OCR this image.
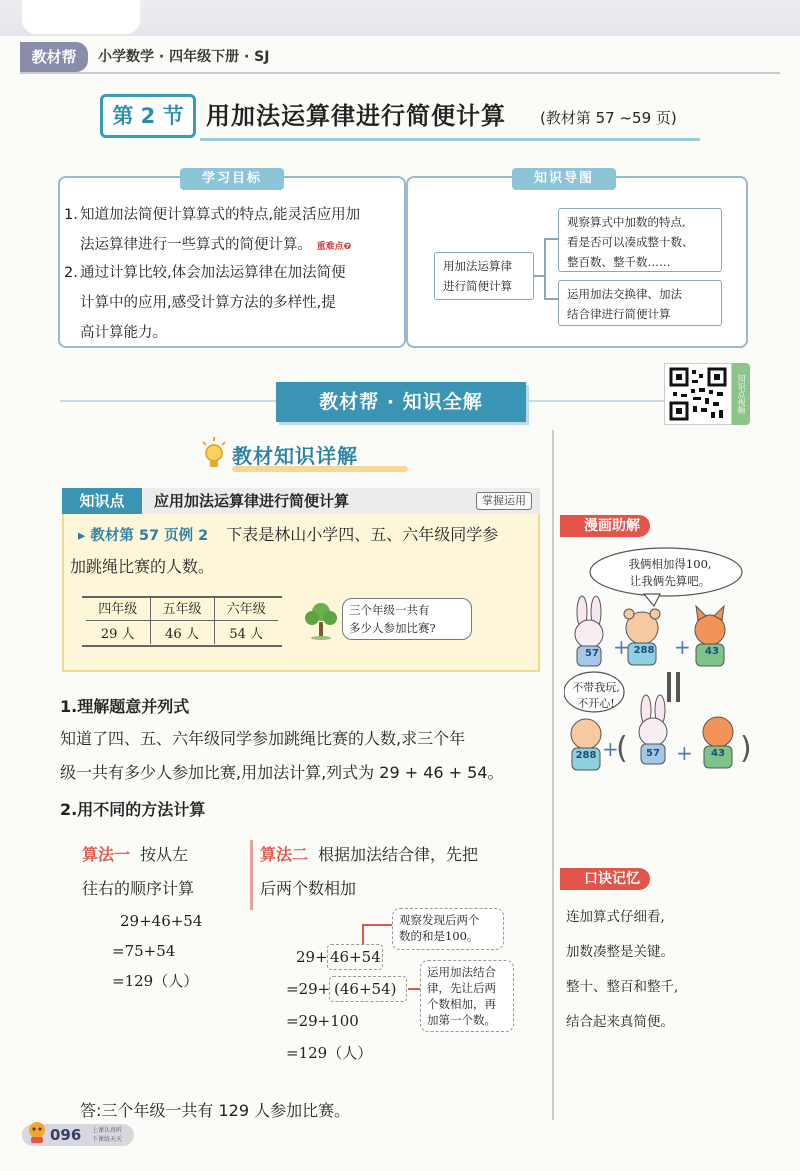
教材帮	小学数学 · 四年级下册 · SJ
第 2 节 用加法运算律进行简便计算 (教材第 57 ~59 页)
学习目标
1. 知道加法简便计算算式的特点,能灵活应用加
法运算律进行一些算式的简便计算。 重难点❼
2. 通过计算比较,体会加法运算律在加法简便
计算中的应用,感受计算方法的多样性,提
高计算能力。
知识导图
用加法运算律
进行简便计算
观察算式中加数的特点,
看是否可以凑成整十数、
整百数、整千数……
运用加法交换律、加法
结合律进行简便计算
教材帮 · 知识全解	知识点视频
教材知识详解
知识点	应用加法运算律进行简便计算	掌握运用
▸ 教材第 57 页例 2 下表是林山小学四、五、六年级同学参
加跳绳比赛的人数。
四年级	五年级	六年级
29 人	46 人	54 人
三个年级一共有
多少人参加比赛?
1.理解题意并列式
知道了四、五、六年级同学参加跳绳比赛的人数,求三个年
级一共有多少人参加比赛,用加法计算,列式为 29 + 46 + 54。
2.用不同的方法计算
算法一 按从左
往右的顺序计算
29+46+54
=75+54
=129（人）
算法二 根据加法结合律，先把
后两个数相加
29+ 46+54
=29+ (46+54)
=29+100
=129（人）
观察发现后两个
数的和是100。
运用加法结合
律，先让后两
个数相加，再
加第一个数。
答:三个年级一共有 129 人参加比赛。
漫画助解
+ +
( + )
+
我俩相加得100,
让我俩先算吧。
不带我玩,
不开心!
57	288	43
288	57	43
口诀记忆
连加算式仔细看,
加数凑整是关键。
整十、整百和整千,
结合起来真简便。
096 上课认真听
下课练天天
